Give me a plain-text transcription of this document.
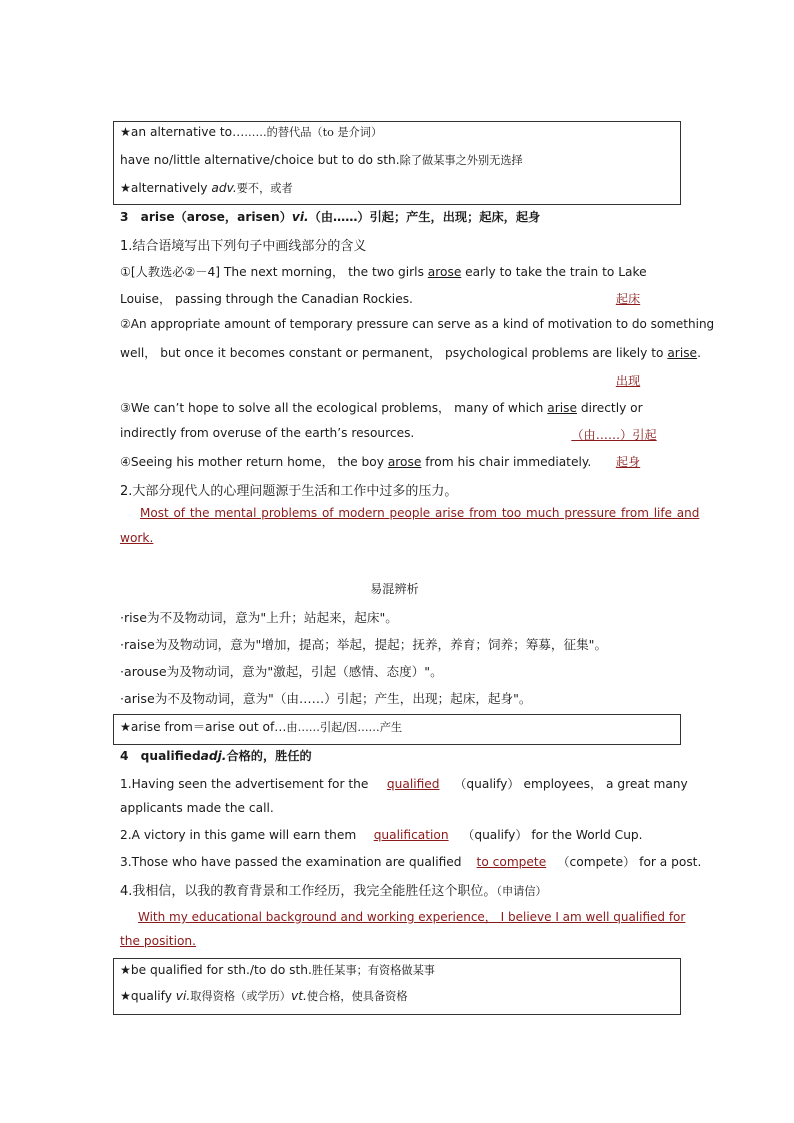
★an alternative to………的替代品（to 是介词）
have no/little alternative/choice but to do sth.除了做某事之外别无选择
★alternatively adv.要不，或者
3　arise（arose，arisen）vi.（由……）引起；产生，出现；起床，起身
1.结合语境写出下列句子中画线部分的含义
①[人教选必②－4] The next morning， the two girls arose early to take the train to Lake
Louise， passing through the Canadian Rockies.	起床
②An appropriate amount of temporary pressure can serve as a kind of motivation to do something
well， but once it becomes constant or permanent， psychological problems are likely to arise.
出现
③We can’t hope to solve all the ecological problems， many of which arise directly or
indirectly from overuse of the earth’s resources.	（由……）引起
④Seeing his mother return home， the boy arose from his chair immediately.	起身
2.大部分现代人的心理问题源于生活和工作中过多的压力。
Most of the mental problems of modern people arise from too much pressure from life and
work.
易混辨析
·rise为不及物动词，意为"上升；站起来，起床"。
·raise为及物动词，意为"增加，提高；举起，提起；抚养，养育；饲养；筹募，征集"。
·arouse为及物动词，意为"激起，引起（感情、态度）"。
·arise为不及物动词，意为"（由……）引起；产生，出现；起床，起身"。
★arise from＝arise out of…由……引起/因……产生
4　qualifiedadj.合格的，胜任的
1.Having seen the advertisement for the qualified （qualify） employees， a great many
applicants made the call.
2.A victory in this game will earn them qualification （qualify） for the World Cup.
3.Those who have passed the examination are qualified to compete （compete） for a post.
4.我相信，以我的教育背景和工作经历，我完全能胜任这个职位。（申请信）
With my educational background and working experience， I believe I am well qualified for
the position.
★be qualified for sth./to do sth.胜任某事；有资格做某事
★qualify vi.取得资格（或学历）vt.使合格，使具备资格
